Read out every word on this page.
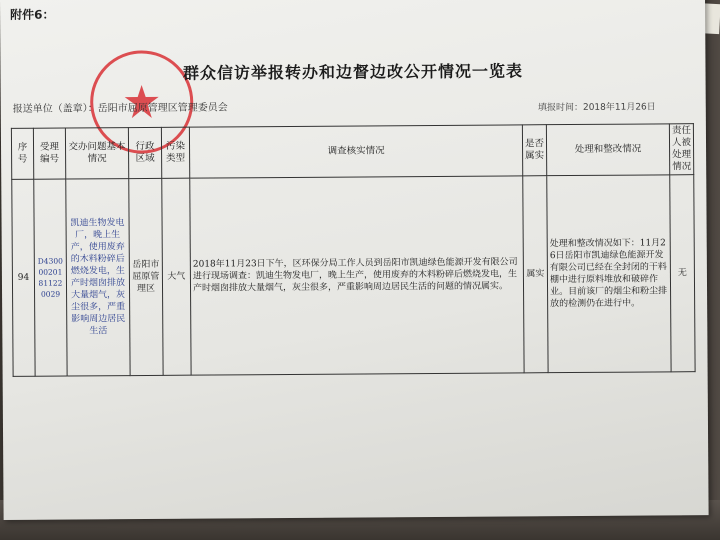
附件6：
群众信访举报转办和边督边改公开情况一览表
报送单位（盖章）：岳阳市屈原管理区管理委员会	填报时间：2018年11月26日
序号	受理编号	交办问题基本情况	行政区域	污染类型	调查核实情况	是否属实	处理和整改情况	责任人被处理情况
94	D430000201811220029	凯迪生物发电厂，晚上生产，使用废弃的木料粉碎后燃烧发电，生产时烟囱排放大量烟气，灰尘很多，严重影响周边居民生活	岳阳市屈原管理区	大气	2018年11月23日下午，区环保分局工作人员到岳阳市凯迪绿色能源开发有限公司进行现场调查：凯迪生物发电厂，晚上生产，使用废弃的木料粉碎后燃烧发电，生产时烟囱排放大量烟气，灰尘很多，严重影响周边居民生活的问题的情况属实。	属实	处理和整改情况如下：11月26日岳阳市凯迪绿色能源开发有限公司已经在全封闭的干料棚中进行原料堆放和破碎作业。目前该厂的烟尘和粉尘排放的检测仍在进行中。	无
